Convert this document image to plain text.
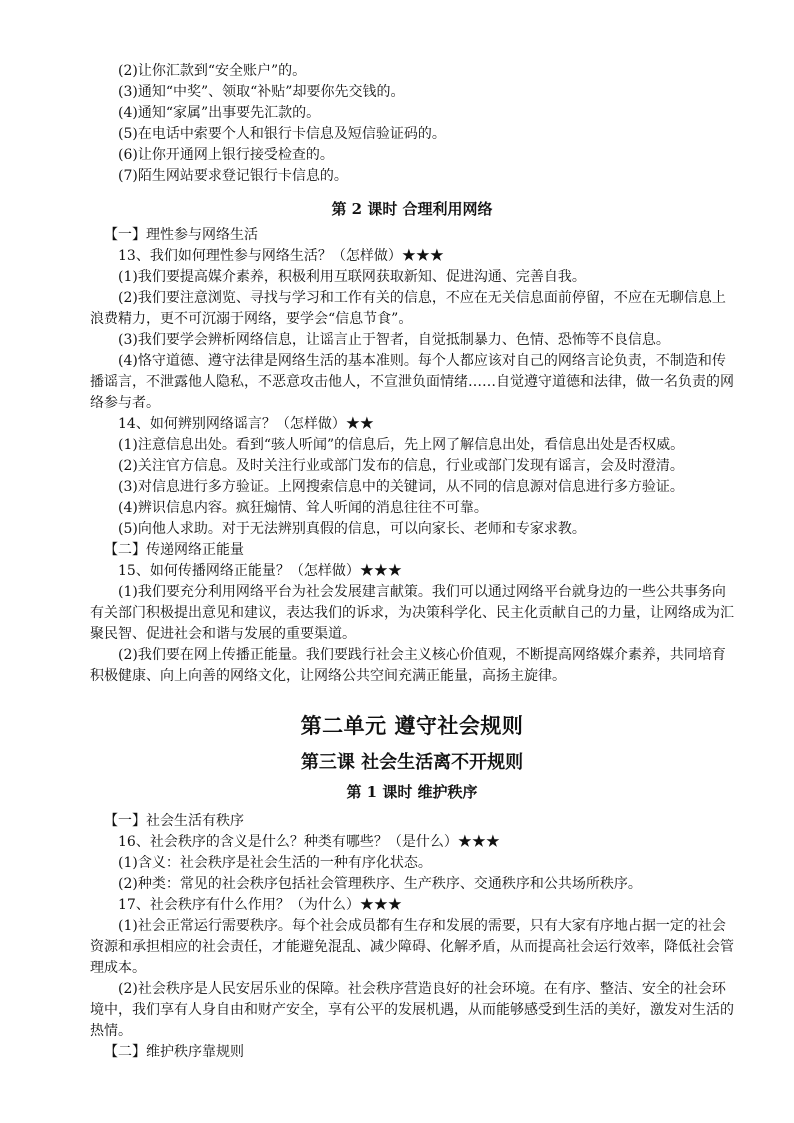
(2)让你汇款到“安全账户”的。

(3)通知“中奖”、领取“补贴”却要你先交钱的。

(4)通知“家属”出事要先汇款的。

(5)在电话中索要个人和银行卡信息及短信验证码的。

(6)让你开通网上银行接受检查的。

(7)陌生网站要求登记银行卡信息的。

第 2 课时 合理利用网络

【一】理性参与网络生活

13、我们如何理性参与网络生活？（怎样做）★★★

(1)我们要提高媒介素养，积极利用互联网获取新知、促进沟通、完善自我。

(2)我们要注意浏览、寻找与学习和工作有关的信息，不应在无关信息面前停留，不应在无聊信息上浪费精力，更不可沉溺于网络，要学会“信息节食”。

(3)我们要学会辨析网络信息，让谣言止于智者，自觉抵制暴力、色情、恐怖等不良信息。

(4)恪守道德、遵守法律是网络生活的基本准则。每个人都应该对自己的网络言论负责，不制造和传播谣言，不泄露他人隐私，不恶意攻击他人，不宣泄负面情绪……自觉遵守道德和法律，做一名负责的网络参与者。

14、如何辨别网络谣言？（怎样做）★★

(1)注意信息出处。看到“骇人听闻”的信息后，先上网了解信息出处，看信息出处是否权威。

(2)关注官方信息。及时关注行业或部门发布的信息，行业或部门发现有谣言，会及时澄清。

(3)对信息进行多方验证。上网搜索信息中的关键词，从不同的信息源对信息进行多方验证。

(4)辨识信息内容。疯狂煽情、耸人听闻的消息往往不可靠。

(5)向他人求助。对于无法辨别真假的信息，可以向家长、老师和专家求教。

【二】传递网络正能量

15、如何传播网络正能量？（怎样做）★★★

(1)我们要充分利用网络平台为社会发展建言献策。我们可以通过网络平台就身边的一些公共事务向有关部门积极提出意见和建议，表达我们的诉求，为决策科学化、民主化贡献自己的力量，让网络成为汇聚民智、促进社会和谐与发展的重要渠道。

(2)我们要在网上传播正能量。我们要践行社会主义核心价值观，不断提高网络媒介素养，共同培育积极健康、向上向善的网络文化，让网络公共空间充满正能量，高扬主旋律。

第二单元 遵守社会规则
第三课 社会生活离不开规则
第 1 课时 维护秩序

【一】社会生活有秩序

16、社会秩序的含义是什么？种类有哪些？（是什么）★★★

(1)含义：社会秩序是社会生活的一种有序化状态。

(2)种类：常见的社会秩序包括社会管理秩序、生产秩序、交通秩序和公共场所秩序。

17、社会秩序有什么作用？（为什么）★★★

(1)社会正常运行需要秩序。每个社会成员都有生存和发展的需要，只有大家有序地占据一定的社会资源和承担相应的社会责任，才能避免混乱、减少障碍、化解矛盾，从而提高社会运行效率，降低社会管理成本。

(2)社会秩序是人民安居乐业的保障。社会秩序营造良好的社会环境。在有序、整洁、安全的社会环境中，我们享有人身自由和财产安全，享有公平的发展机遇，从而能够感受到生活的美好，激发对生活的热情。

【二】维护秩序靠规则
